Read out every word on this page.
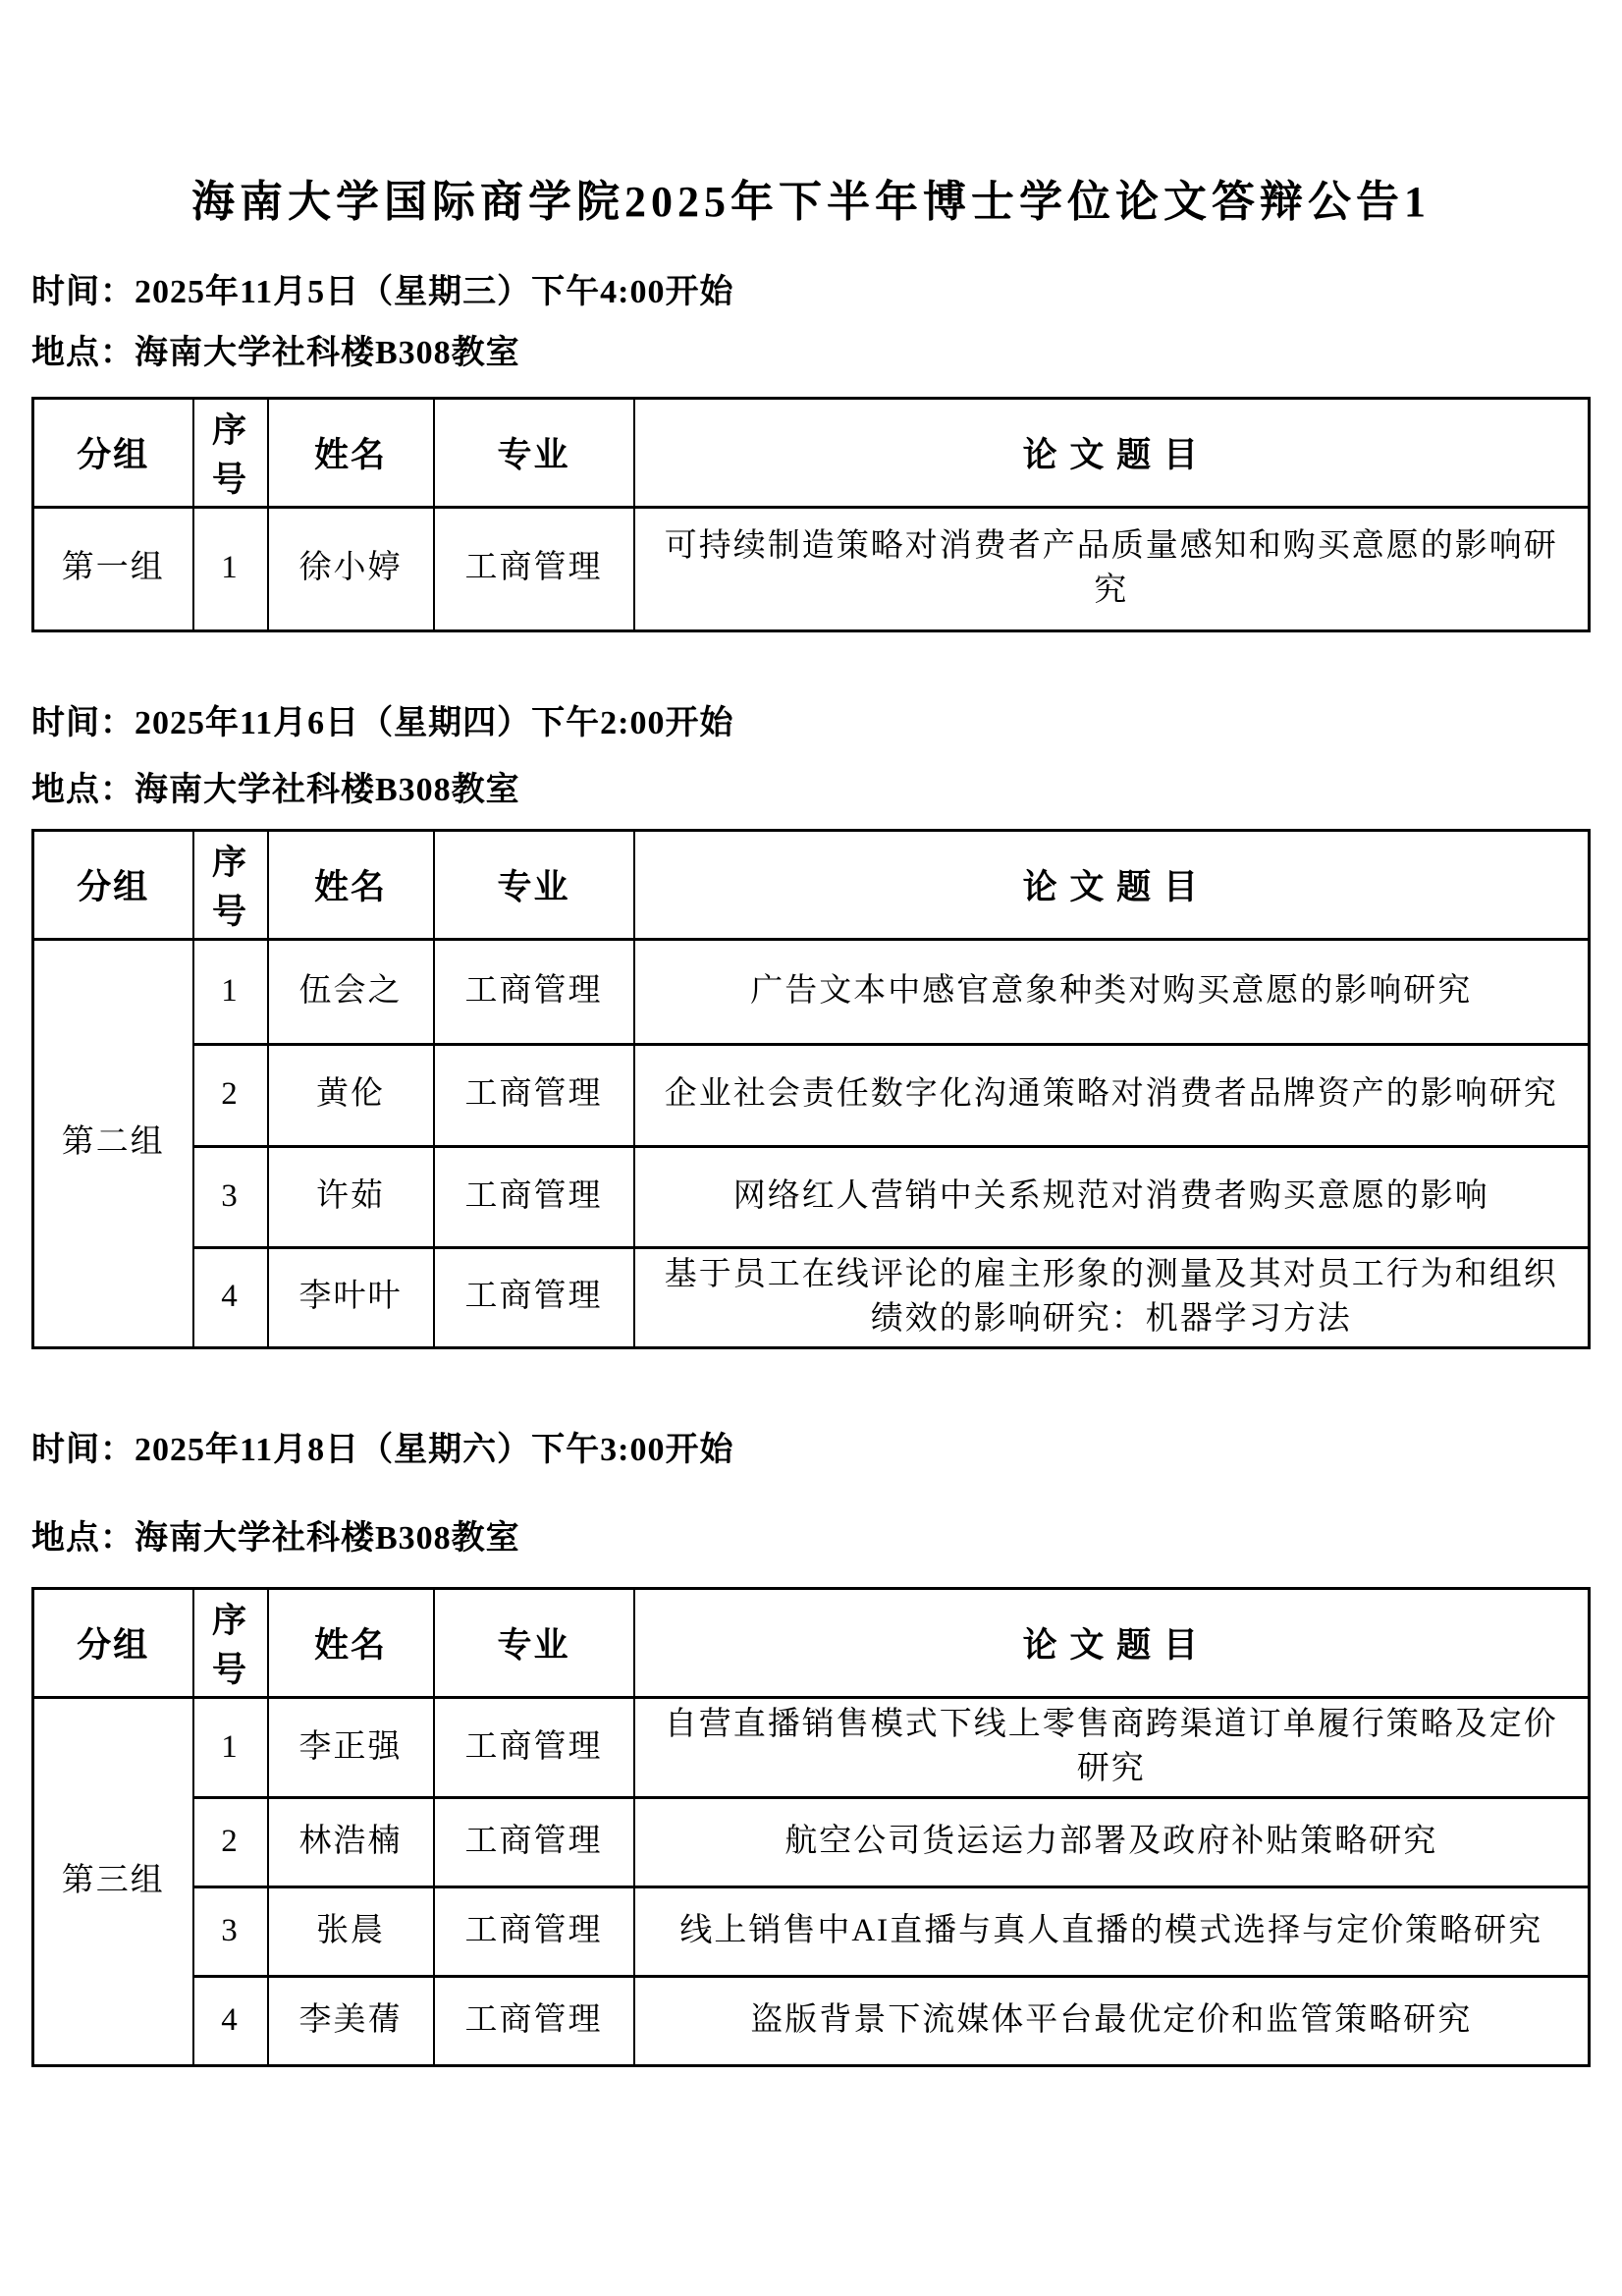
海南大学国际商学院2025年下半年博士学位论文答辩公告1

时间：2025年11月5日（星期三）下午4:00开始

地点：海南大学社科楼B308教室

分组	序号	姓名	专业	论 文 题 目
第一组	1	徐小婷	工商管理	可持续制造策略对消费者产品质量感知和购买意愿的影响研究

时间：2025年11月6日（星期四）下午2:00开始

地点：海南大学社科楼B308教室

分组	序号	姓名	专业	论 文 题 目
第二组	1	伍会之	工商管理	广告文本中感官意象种类对购买意愿的影响研究
	2	黄伦	工商管理	企业社会责任数字化沟通策略对消费者品牌资产的影响研究
	3	许茹	工商管理	网络红人营销中关系规范对消费者购买意愿的影响
	4	李叶叶	工商管理	基于员工在线评论的雇主形象的测量及其对员工行为和组织绩效的影响研究：机器学习方法

时间：2025年11月8日（星期六）下午3:00开始

地点：海南大学社科楼B308教室

分组	序号	姓名	专业	论 文 题 目
第三组	1	李正强	工商管理	自营直播销售模式下线上零售商跨渠道订单履行策略及定价研究
	2	林浩楠	工商管理	航空公司货运运力部署及政府补贴策略研究
	3	张晨	工商管理	线上销售中AI直播与真人直播的模式选择与定价策略研究
	4	李美蒨	工商管理	盗版背景下流媒体平台最优定价和监管策略研究
